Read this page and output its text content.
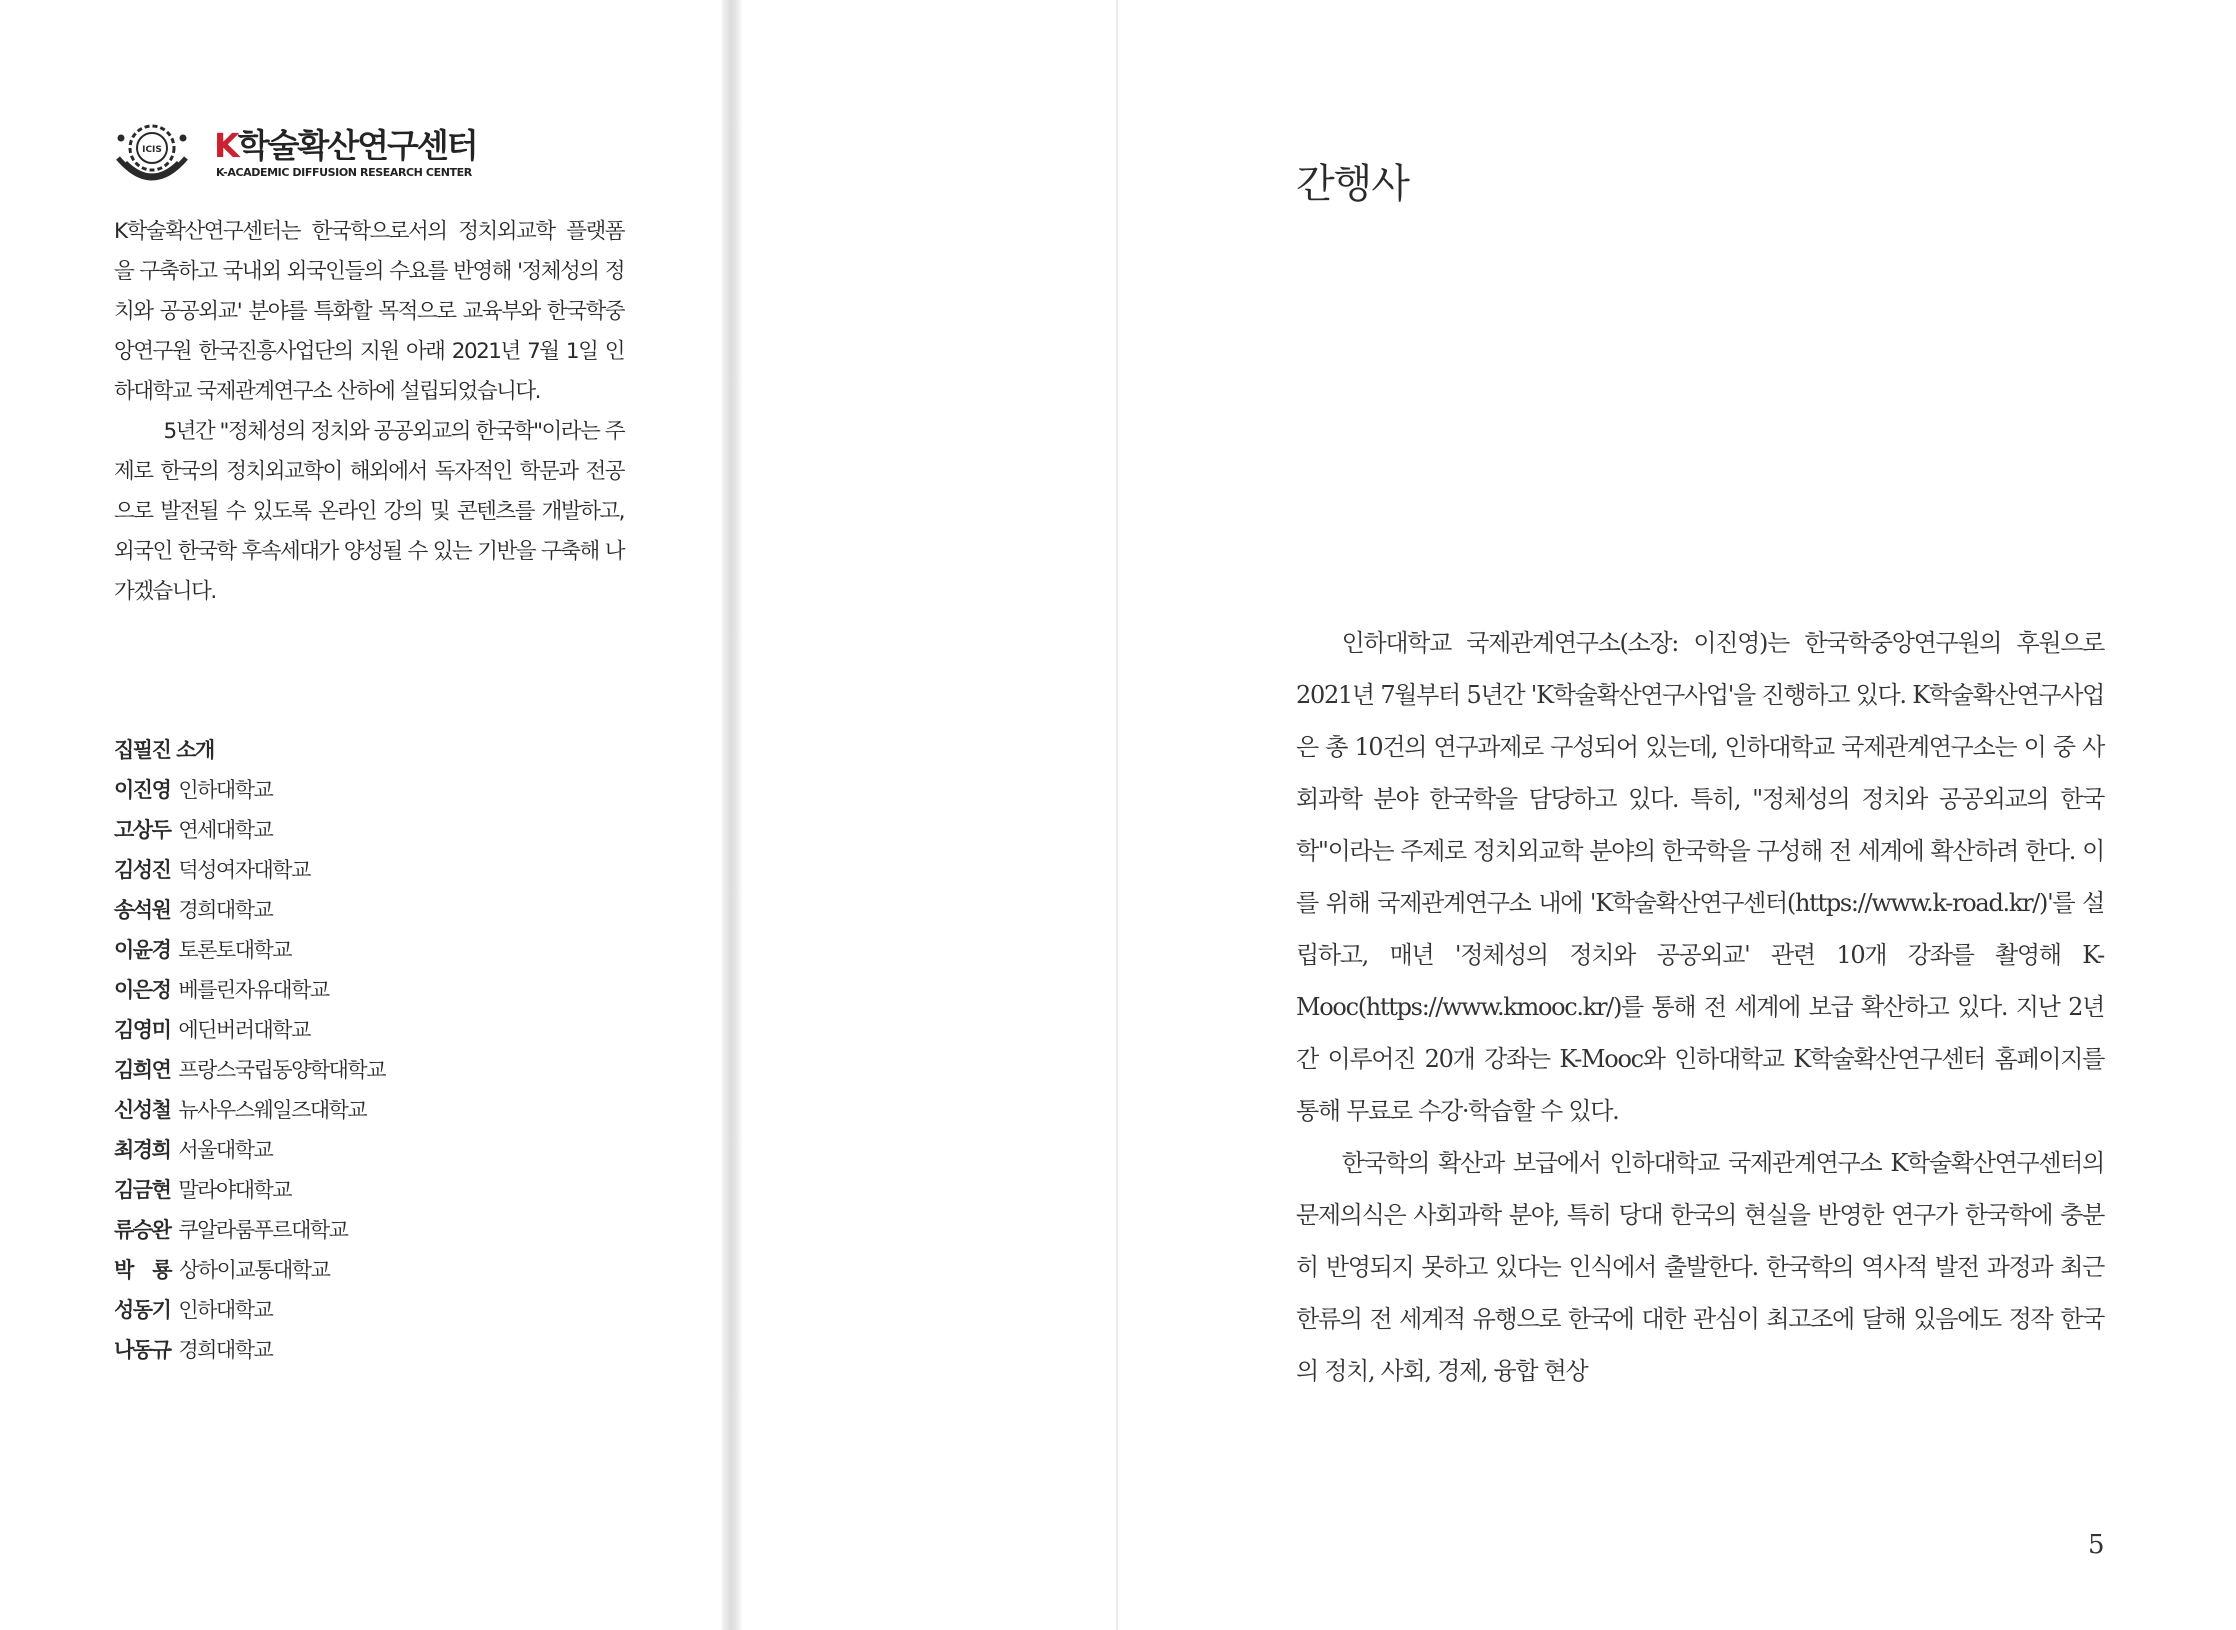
ICIS K학술확산연구센터
K-ACADEMIC DIFFUSION RESEARCH CENTER

K학술확산연구센터는 한국학으로서의 정치외교학 플랫폼을 구축하고 국내외 외국인들의 수요를 반영해 '정체성의 정치와 공공외교' 분야를 특화할 목적으로 교육부와 한국학중앙연구원 한국진흥사업단의 지원 아래 2021년 7월 1일 인하대학교 국제관계연구소 산하에 설립되었습니다.

5년간 "정체성의 정치와 공공외교의 한국학"이라는 주제로 한국의 정치외교학이 해외에서 독자적인 학문과 전공으로 발전될 수 있도록 온라인 강의 및 콘텐츠를 개발하고, 외국인 한국학 후속세대가 양성될 수 있는 기반을 구축해 나가겠습니다.

집필진 소개
이진영 인하대학교
고상두 연세대학교
김성진 덕성여자대학교
송석원 경희대학교
이윤경 토론토대학교
이은정 베를린자유대학교
김영미 에딘버러대학교
김희연 프랑스국립동양학대학교
신성철 뉴사우스웨일즈대학교
최경희 서울대학교
김금현 말라야대학교
류승완 쿠알라룸푸르대학교
박　룡 상하이교통대학교
성동기 인하대학교
나동규 경희대학교
간행사

인하대학교 국제관계연구소(소장: 이진영)는 한국학중앙연구원의 후원으로 2021년 7월부터 5년간 'K학술확산연구사업'을 진행하고 있다. K학술확산연구사업은 총 10건의 연구과제로 구성되어 있는데, 인하대학교 국제관계연구소는 이 중 사회과학 분야 한국학을 담당하고 있다. 특히, "정체성의 정치와 공공외교의 한국학"이라는 주제로 정치외교학 분야의 한국학을 구성해 전 세계에 확산하려 한다. 이를 위해 국제관계연구소 내에 'K학술확산연구센터(https://www.k-road.kr/)'를 설립하고, 매년 '정체성의 정치와 공공외교' 관련 10개 강좌를 촬영해 K-Mooc(https://www.kmooc.kr/)를 통해 전 세계에 보급 확산하고 있다. 지난 2년간 이루어진 20개 강좌는 K-Mooc와 인하대학교 K학술확산연구센터 홈페이지를 통해 무료로 수강·학습할 수 있다.

한국학의 확산과 보급에서 인하대학교 국제관계연구소 K학술확산연구센터의 문제의식은 사회과학 분야, 특히 당대 한국의 현실을 반영한 연구가 한국학에 충분히 반영되지 못하고 있다는 인식에서 출발한다. 한국학의 역사적 발전 과정과 최근 한류의 전 세계적 유행으로 한국에 대한 관심이 최고조에 달해 있음에도 정작 한국의 정치, 사회, 경제, 융합 현상

5
